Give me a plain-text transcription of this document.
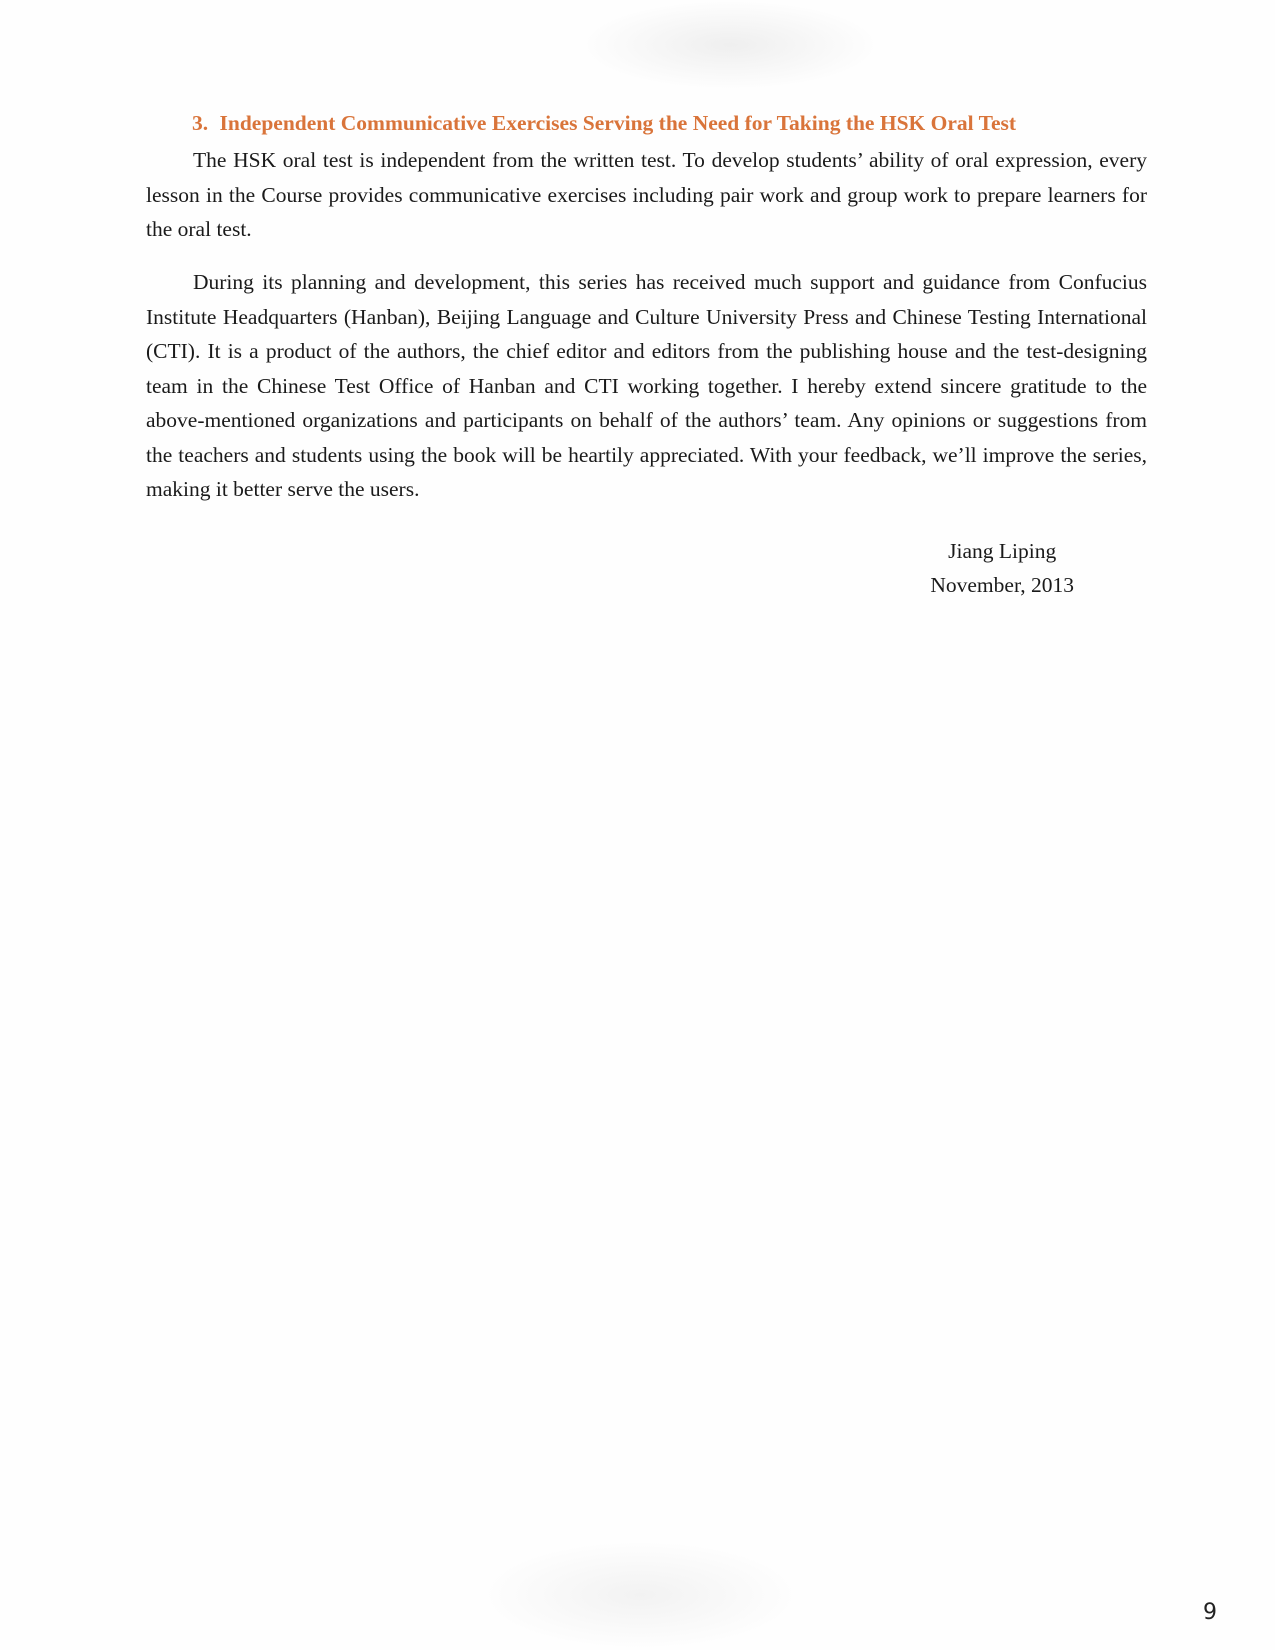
3. Independent Communicative Exercises Serving the Need for Taking the HSK Oral Test

The HSK oral test is independent from the written test. To develop students’ ability of oral expression, every lesson in the Course provides communicative exercises including pair work and group work to prepare learners for the oral test.

During its planning and development, this series has received much support and guidance from Confucius Institute Headquarters (Hanban), Beijing Language and Culture University Press and Chinese Testing International (CTI). It is a product of the authors, the chief editor and editors from the publishing house and the test-designing team in the Chinese Test Office of Hanban and CTI working together. I hereby extend sincere gratitude to the above-mentioned organizations and participants on behalf of the authors’ team. Any opinions or suggestions from the teachers and students using the book will be heartily appreciated. With your feedback, we’ll improve the series, making it better serve the users.

Jiang Liping
November, 2013
9
